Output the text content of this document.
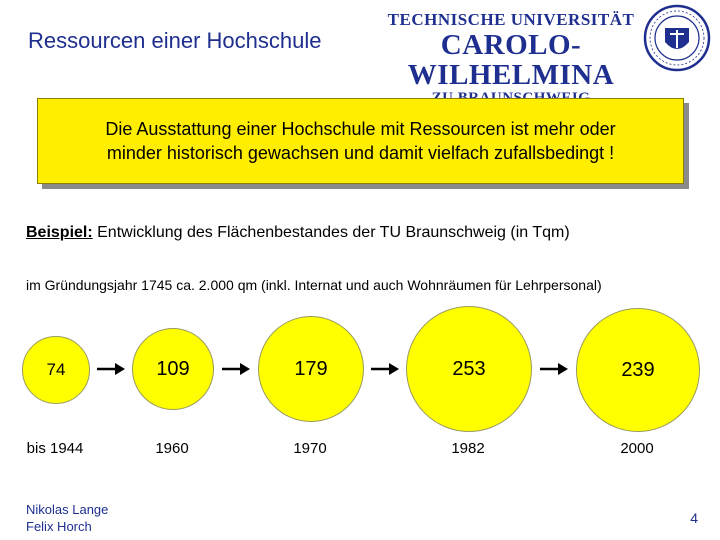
Ressourcen einer Hochschule
TECHNISCHE UNIVERSITÄT
CAROLO-WILHELMINA
Die Ausstattung einer Hochschule mit Ressourcen ist mehr oder
minder historisch gewachsen und damit vielfach zufallsbedingt !
Beispiel: Entwicklung des Flächenbestandes der TU Braunschweig (in Tqm)
im Gründungsjahr 1745 ca. 2.000 qm (inkl. Internat und auch Wohnräumen für Lehrpersonal)
74	109	179	253	239
bis 1944	1960	1970	1982	2000
Nikolas Lange
Felix Horch
4
